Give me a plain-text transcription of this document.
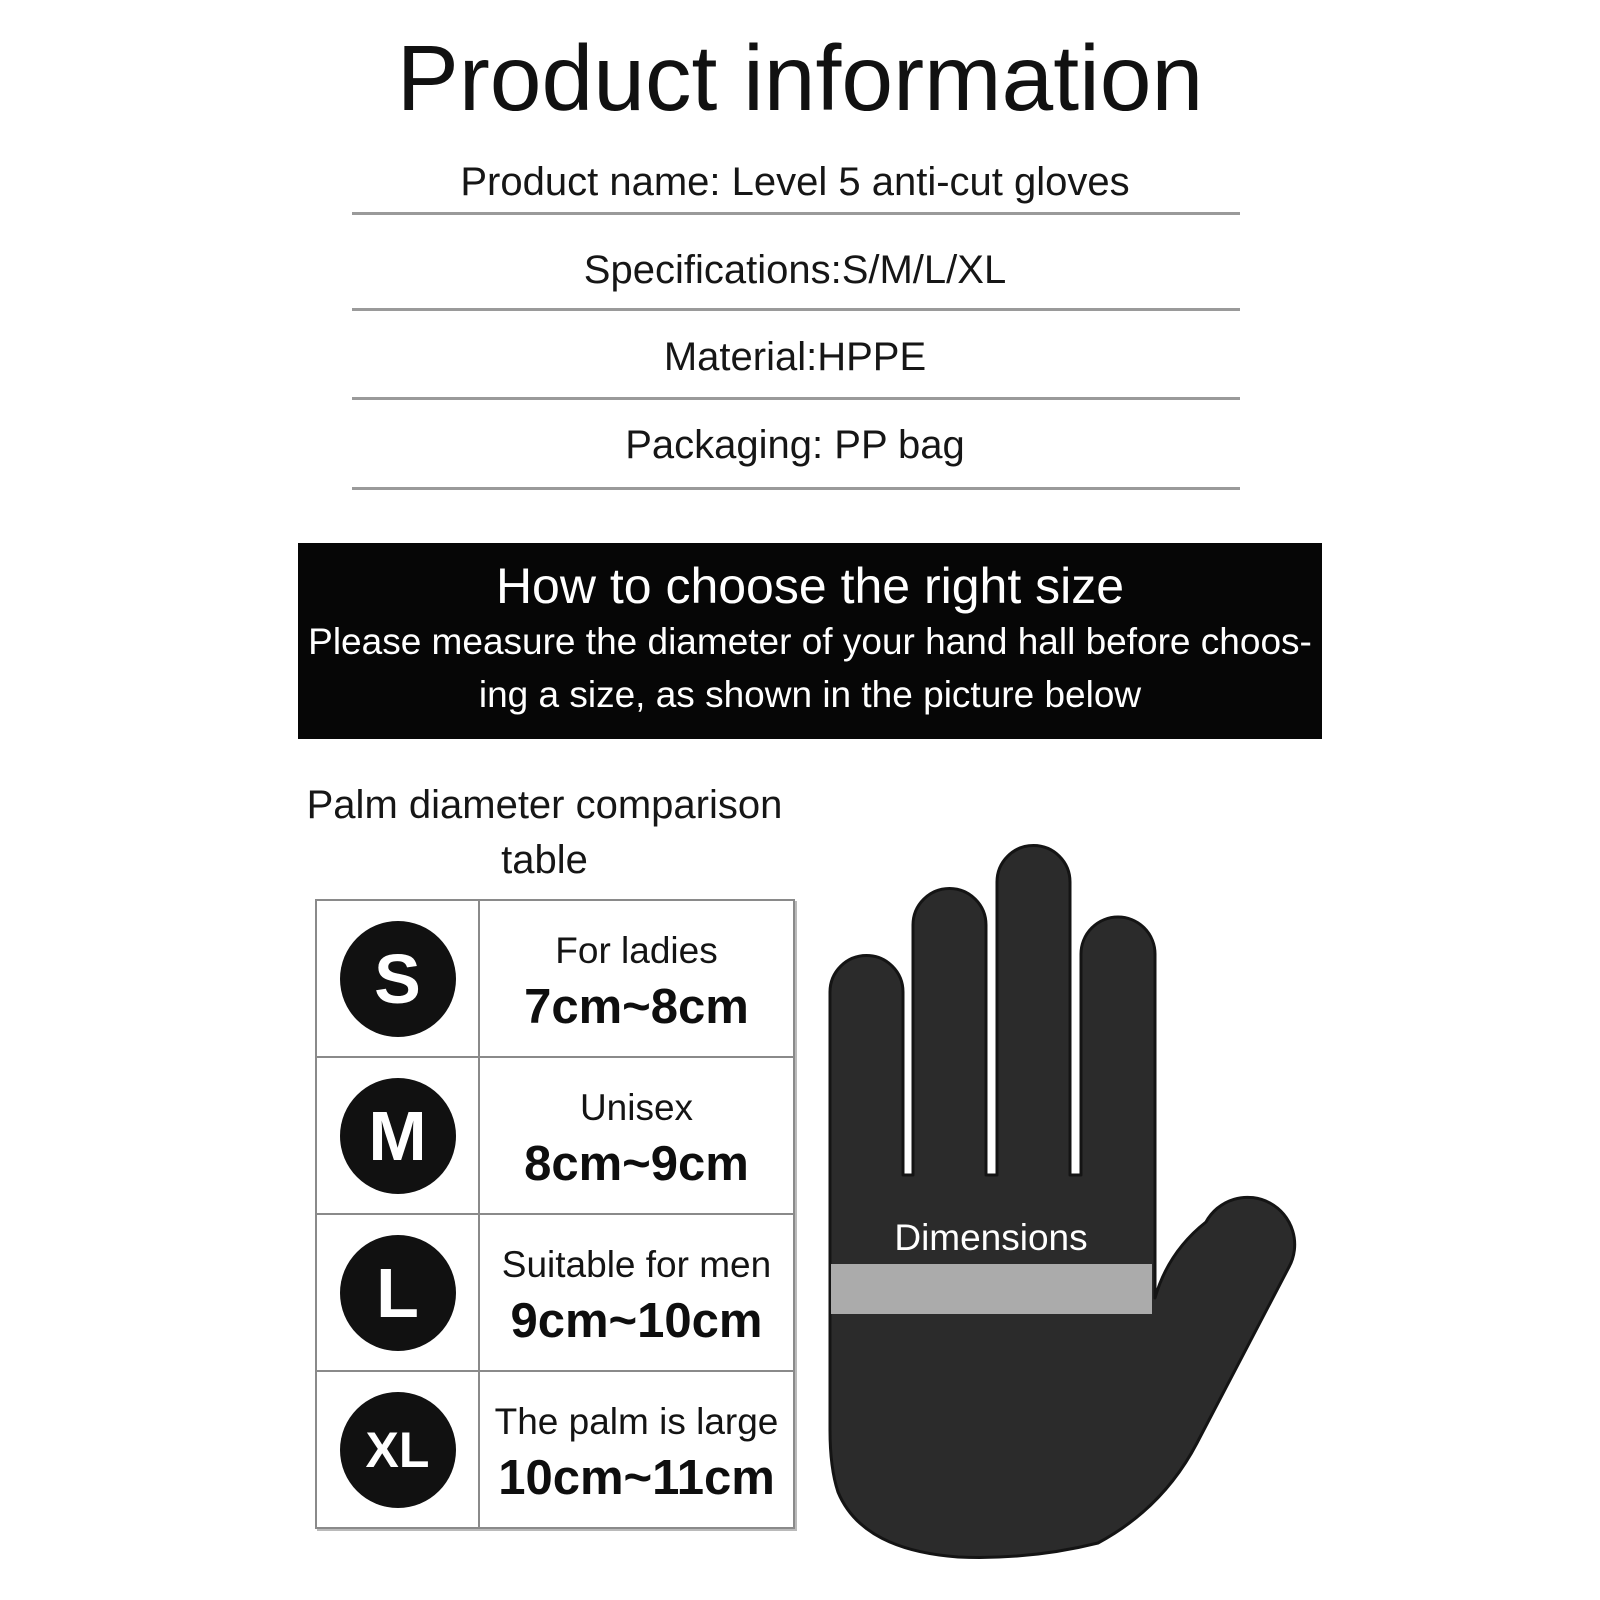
Product information
Product name: Level 5 anti-cut gloves
Specifications:S/M/L/XL
Material:HPPE
Packaging: PP bag
How to choose the right size
Please measure the diameter of your hand hall before choos-
ing a size, as shown in the picture below
Palm diameter comparison
table
S	For ladies
7cm~8cm
M	Unisex
8cm~9cm
L Suitable for men
9cm~10cm
XL
The palm is large
10cm~11cm
Dimensions
